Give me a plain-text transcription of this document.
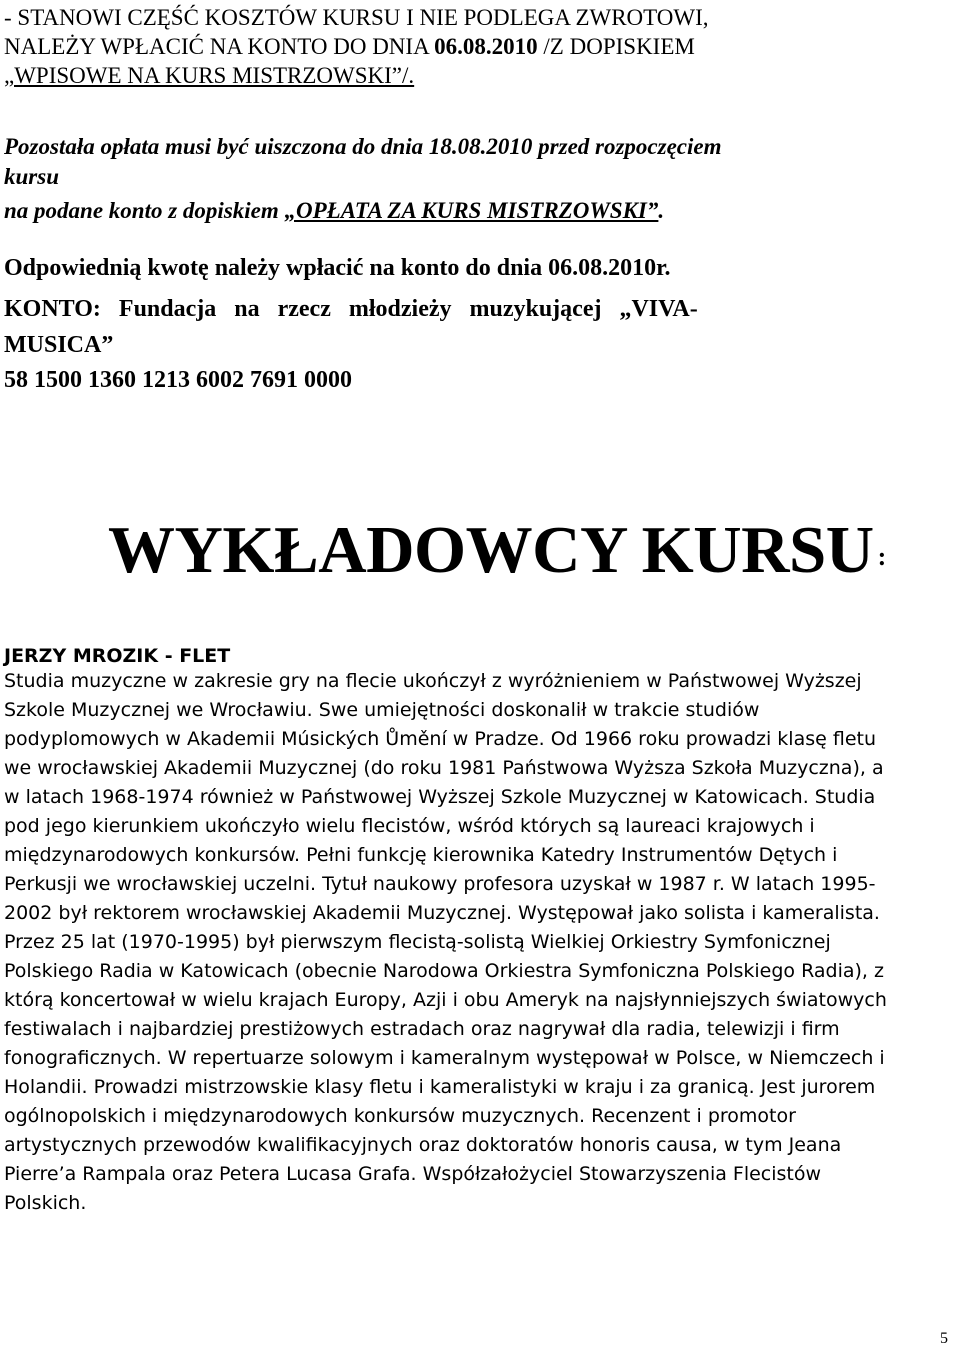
- STANOWI CZĘŚĆ KOSZTÓW KURSU I NIE PODLEGA ZWROTOWI,

NALEŻY WPŁACIĆ NA KONTO DO DNIA 06.08.2010 /Z DOPISKIEM

„WPISOWE NA KURS MISTRZOWSKI”/.

Pozostała opłata musi być uiszczona do dnia 18.08.2010 przed rozpoczęciem

kursu

na podane konto z dopiskiem „OPŁATA ZA KURS MISTRZOWSKI”.

Odpowiednią kwotę należy wpłacić na konto do dnia 06.08.2010r.

KONTO:   Fundacja   na   rzecz   młodzieży   muzykującej   „VIVA-

MUSICA”

58 1500 1360 1213 6002 7691 0000

WYKŁADOWCY KURSU :
JERZY MROZIK - FLET
Studia muzyczne w zakresie gry na flecie ukończył z wyróżnieniem w Państwowej Wyższej
Szkole Muzycznej we Wrocławiu. Swe umiejętności doskonalił w trakcie studiów
podyplomowych w Akademii Músických Ůmění w Pradze. Od 1966 roku prowadzi klasę fletu
we wrocławskiej Akademii Muzycznej (do roku 1981 Państwowa Wyższa Szkoła Muzyczna), a
w latach 1968-1974 również w Państwowej Wyższej Szkole Muzycznej w Katowicach. Studia
pod jego kierunkiem ukończyło wielu flecistów, wśród których są laureaci krajowych i
międzynarodowych konkursów. Pełni funkcję kierownika Katedry Instrumentów Dętych i
Perkusji we wrocławskiej uczelni. Tytuł naukowy profesora uzyskał w 1987 r. W latach 1995-
2002 był rektorem wrocławskiej Akademii Muzycznej. Występował jako solista i kameralista.
Przez 25 lat (1970-1995) był pierwszym flecistą-solistą Wielkiej Orkiestry Symfonicznej
Polskiego Radia w Katowicach (obecnie Narodowa Orkiestra Symfoniczna Polskiego Radia), z
którą koncertował w wielu krajach Europy, Azji i obu Ameryk na najsłynniejszych światowych
festiwalach i najbardziej prestiżowych estradach oraz nagrywał dla radia, telewizji i firm
fonograficznych. W repertuarze solowym i kameralnym występował w Polsce, w Niemczech i
Holandii. Prowadzi mistrzowskie klasy fletu i kameralistyki w kraju i za granicą. Jest jurorem
ogólnopolskich i międzynarodowych konkursów muzycznych. Recenzent i promotor
artystycznych przewodów kwalifikacyjnych oraz doktoratów honoris causa, w tym Jeana
Pierre’a Rampala oraz Petera Lucasa Grafa. Współzałożyciel Stowarzyszenia Flecistów
Polskich.
5
